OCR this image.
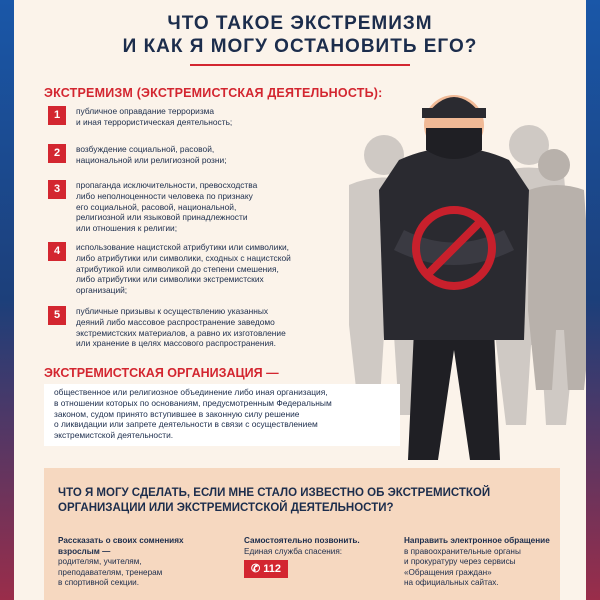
ЧТО ТАКОЕ ЭКСТРЕМИЗМ
И КАК Я МОГУ ОСТАНОВИТЬ ЕГО?
ЭКСТРЕМИЗМ (ЭКСТРЕМИСТСКАЯ ДЕЯТЕЛЬНОСТЬ):
1	публичное оправдание терроризма
и иная террористическая деятельность;
2	возбуждение социальной, расовой,
национальной или религиозной розни;
3	пропаганда исключительности, превосходства
либо неполноценности человека по признаку
его социальной, расовой, национальной,
религиозной или языковой принадлежности
или отношения к религии;
4	использование нацистской атрибутики или символики,
либо атрибутики или символики, сходных с нацистской
атрибутикой или символикой до степени смешения,
либо атрибутики или символики экстремистских
организаций;
5	публичные призывы к осуществлению указанных
деяний либо массовое распространение заведомо
экстремистских материалов, а равно их изготовление
или хранение в целях массового распространения.
ЭКСТРЕМИСТСКАЯ ОРГАНИЗАЦИЯ —
общественное или религиозное объединение либо иная организация,
в отношении которых по основаниям, предусмотренным Федеральным
законом, судом принято вступившее в законную силу решение
о ликвидации или запрете деятельности в связи с осуществлением
экстремистской деятельности.
ЧТО Я МОГУ СДЕЛАТЬ, ЕСЛИ МНЕ СТАЛО ИЗВЕСТНО ОБ ЭКСТРЕМИСТКОЙ
ОРГАНИЗАЦИИ ИЛИ ЭКСТРЕМИСТСКОЙ ДЕЯТЕЛЬНОСТИ?
Рассказать о своих сомнениях
взрослым —
родителям, учителям,
преподавателям, тренерам
в спортивной секции.
Самостоятельно позвонить.
Единая служба спасения:
✆ 112
Направить электронное обращение
в правоохранительные органы
и прокуратуру через сервисы
«Обращения граждан»
на официальных сайтах.
